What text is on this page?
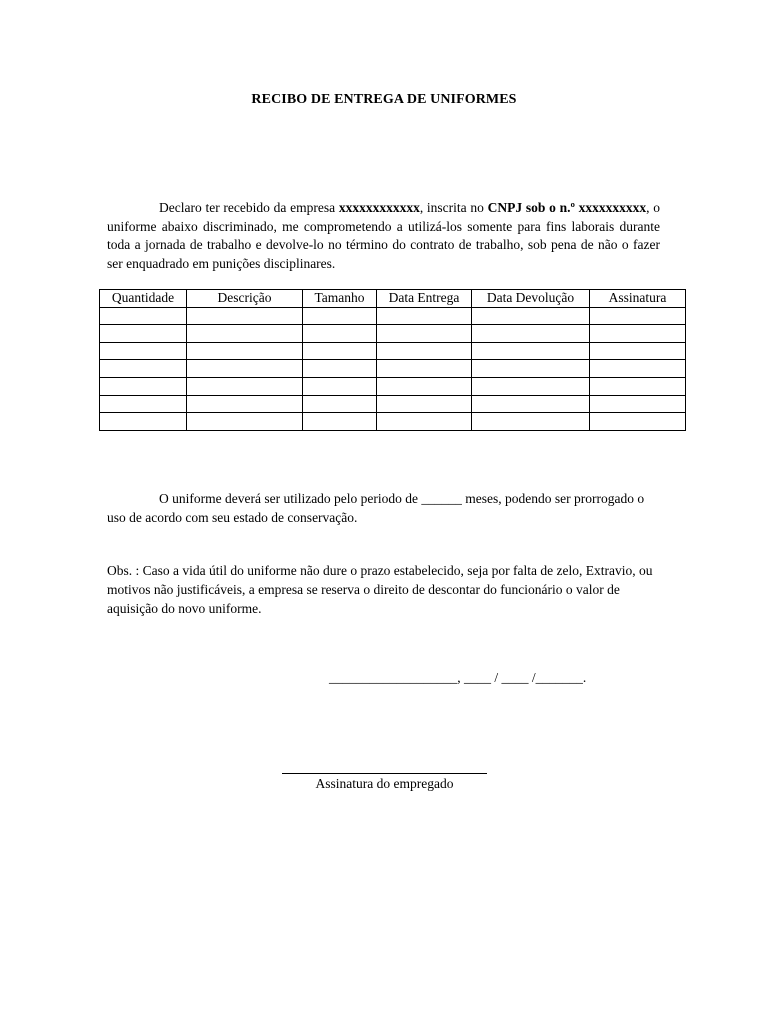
RECIBO DE ENTREGA DE UNIFORMES
Declaro ter recebido da empresa xxxxxxxxxxxx, inscrita no CNPJ sob o n.º xxxxxxxxxx, o uniforme abaixo discriminado, me comprometendo a utilizá-los somente para fins laborais durante toda a jornada de trabalho e devolve-lo no término do contrato de trabalho, sob pena de não o fazer ser enquadrado em punições disciplinares.
Quantidade	Descrição	Tamanho	Data Entrega	Data Devolução	Assinatura

O uniforme deverá ser utilizado pelo periodo de ______ meses, podendo ser prorrogado o uso de acordo com seu estado de conservação.
Obs. : Caso a vida útil do uniforme não dure o prazo estabelecido, seja por falta de zelo, Extravio, ou motivos não justificáveis, a empresa se reserva o direito de descontar do funcionário o valor de aquisição do novo uniforme.
___________________, ____ / ____ /_______.
Assinatura do empregado
